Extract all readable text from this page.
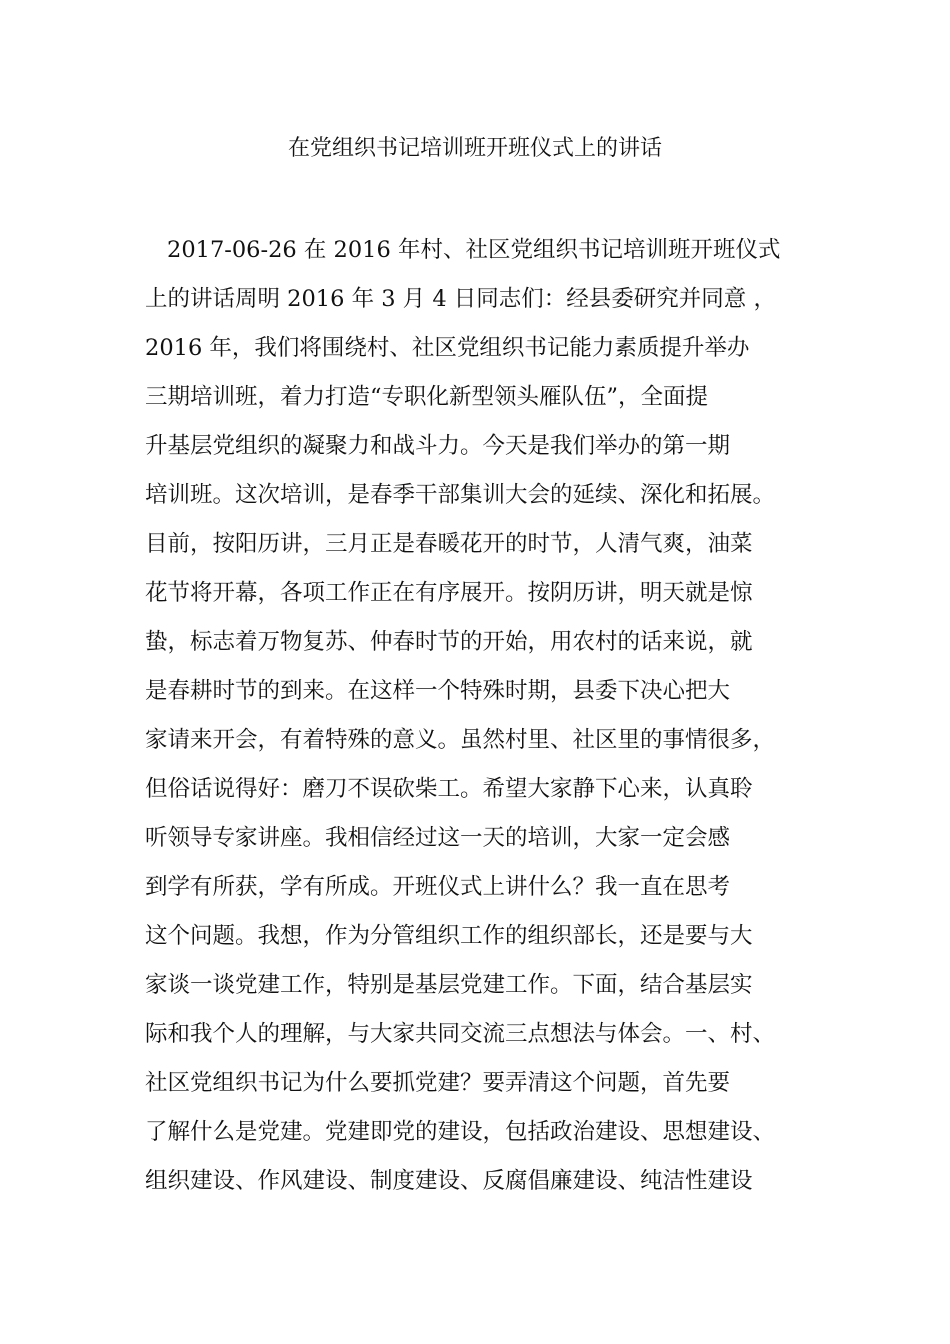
在党组织书记培训班开班仪式上的讲话
2017-06-26 在 2016 年村、社区党组织书记培训班开班仪式
上的讲话周明 2016 年 3 月 4 日同志们：经县委研究并同意 ，
2016 年，我们将围绕村、社区党组织书记能力素质提升举办
三期培训班，着力打造“专职化新型领头雁队伍”，全面提
升基层党组织的凝聚力和战斗力。今天是我们举办的第一期
培训班。这次培训，是春季干部集训大会的延续、深化和拓展。
目前，按阳历讲，三月正是春暖花开的时节，人清气爽，油菜
花节将开幕，各项工作正在有序展开。按阴历讲，明天就是惊
蛰，标志着万物复苏、仲春时节的开始，用农村的话来说，就
是春耕时节的到来。在这样一个特殊时期，县委下决心把大
家请来开会，有着特殊的意义。虽然村里、社区里的事情很多，
但俗话说得好：磨刀不误砍柴工。希望大家静下心来，认真聆
听领导专家讲座。我相信经过这一天的培训，大家一定会感
到学有所获，学有所成。开班仪式上讲什么？我一直在思考
这个问题。我想，作为分管组织工作的组织部长，还是要与大
家谈一谈党建工作，特别是基层党建工作。下面，结合基层实
际和我个人的理解，与大家共同交流三点想法与体会。一、村、
社区党组织书记为什么要抓党建？要弄清这个问题，首先要
了解什么是党建。党建即党的建设，包括政治建设、思想建设、
组织建设、作风建设、制度建设、反腐倡廉建设、纯洁性建设
